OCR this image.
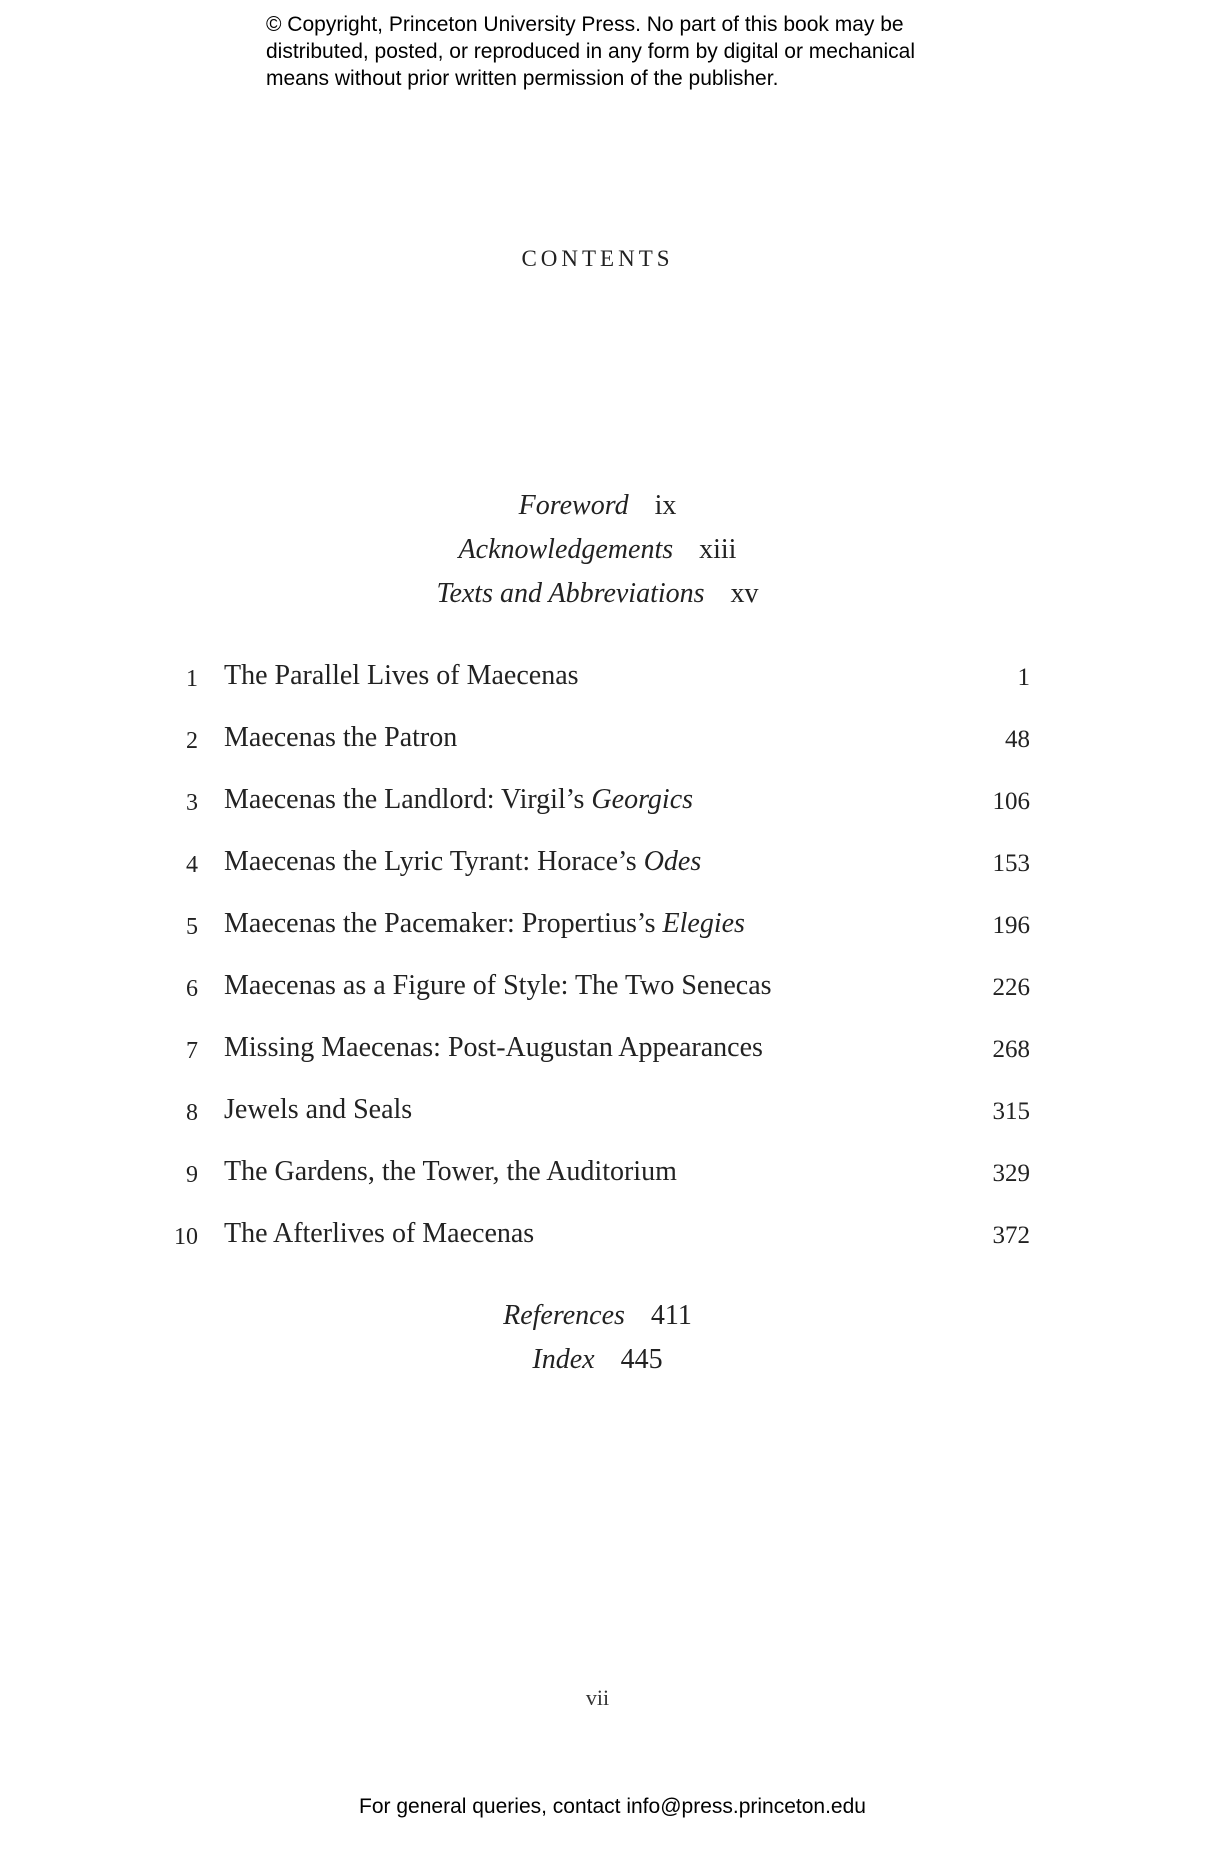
© Copyright, Princeton University Press. No part of this book may be
distributed, posted, or reproduced in any form by digital or mechanical
means without prior written permission of the publisher.
CONTENTS
Foreword ix
Acknowledgements xiii
Texts and Abbreviations xv
1 The Parallel Lives of Maecenas	1
2 Maecenas the Patron	48
3 Maecenas the Landlord: Virgil’s Georgics	106
4 Maecenas the Lyric Tyrant: Horace’s Odes	153
5 Maecenas the Pacemaker: Propertius’s Elegies	196
6 Maecenas as a Figure of Style: The Two Senecas	226
7 Missing Maecenas: Post-Augustan Appearances	268
8 Jewels and Seals	315
9 The Gardens, the Tower, the Auditorium	329
10 The Afterlives of Maecenas	372
References 411
Index 445
vii
For general queries, contact info@press.princeton.edu
